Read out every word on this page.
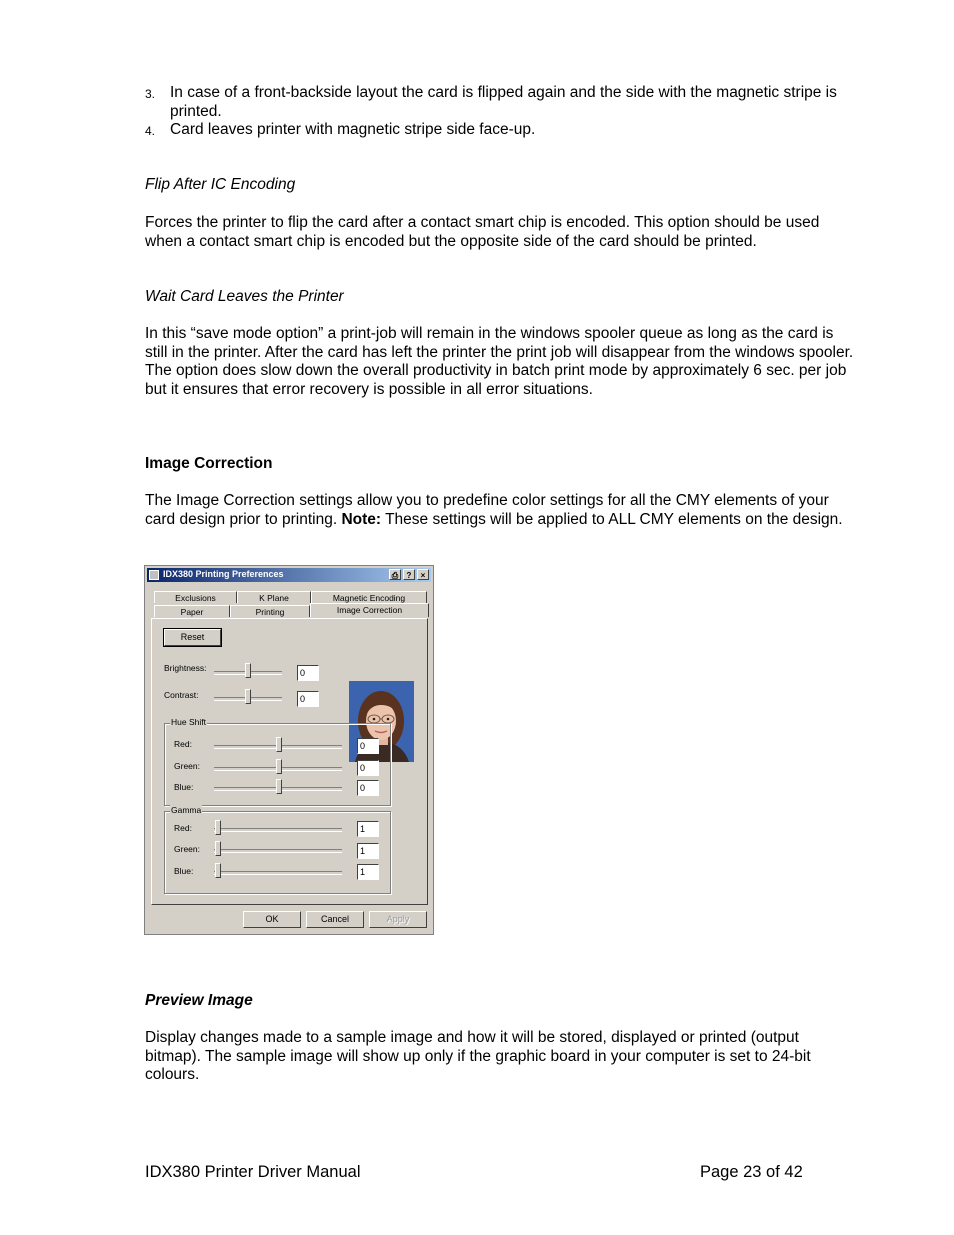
3. In case of a front-backside layout the card is flipped again and the side with the magnetic stripe is printed.
4. Card leaves printer with magnetic stripe side face-up.
Flip After IC Encoding
Forces the printer to flip the card after a contact smart chip is encoded. This option should be used when a contact smart chip is encoded but the opposite side of the card should be printed.
Wait Card Leaves the Printer
In this “save mode option” a print-job will remain in the windows spooler queue as long as the card is still in the printer. After the card has left the printer the print job will disappear from the windows spooler. The option does slow down the overall productivity in batch print mode by approximately 6 sec. per job but it ensures that error recovery is possible in all error situations.
Image Correction
The Image Correction settings allow you to predefine color settings for all the CMY elements of your card design prior to printing. Note: These settings will be applied to ALL CMY elements on the design.
IDX380 Printing Preferences	⎙	?	×
Exclusions	K Plane	Magnetic Encoding
Paper	Printing	Image Correction
Reset
Brightness:	0
Contrast:	0
Hue Shift
Red:	0
Green:	0
Blue:	0
Gamma
Red:	1
Green:	1
Blue:	1
OK	Cancel	Apply
Preview Image
Display changes made to a sample image and how it will be stored, displayed or printed (output bitmap). The sample image will show up only if the graphic board in your computer is set to 24-bit colours.
IDX380 Printer Driver Manual	Page 23 of 42
